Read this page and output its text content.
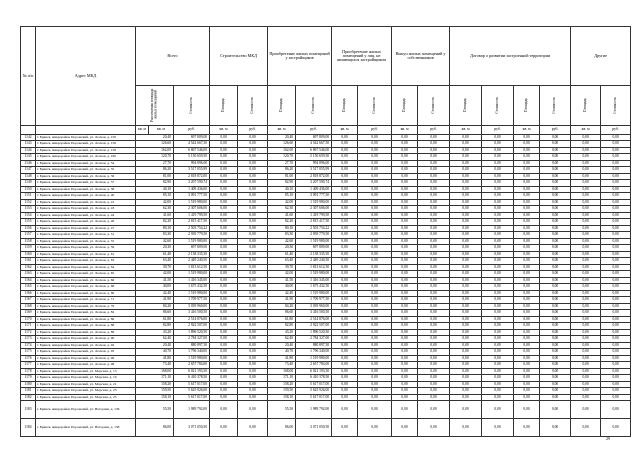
№ п/п	Адрес МКД	Всего			Строительство МКД		Приобретение жилых помещений у застройщиков		Приобретение жилых помещений у лиц, не являющихся застройщиком		Выкуп жилых помещений у собственников		Договор о развитии застроенной территории				Другие		
		Расселяемая площадь жилых помещений		Стоимость	Площадь	Стоимость	Площадь	Стоимость	Площадь	Стоимость	Площадь	Стоимость	Площадь	Стоимость	Площадь	Стоимость	Площадь	Стоимость		
		кв. м	кв. м	руб.	кв. м	руб.	кв. м	руб.	кв. м	руб.	кв. м	руб.	кв. м	руб.	кв. м	руб.	кв. м	руб.		
1142	г. Брянск, микрорайон Порожский, ул. Лесная, д. 150	20,40		697 809,00	0,00	0,00	20,40	697 809,00	0,00	0,00	0,00	0,00	0,00	0,00	0,00	0,00	0,00	0,00	
1143	г. Брянск, микрорайон Порожский, ул. Лесная, д. 156	126,60		4 542 667,50	0,00	0,00	126,60	4 542 667,50	0,00	0,00	0,00	0,00	0,00	0,00	0,00	0,00	0,00	0,00	
1144	г. Брянск, микрорайон Порожский, ул. Лесная, д. 158	162,00		6 867 546,00	0,00	0,00	162,00	6 867 546,00	0,00	0,00	0,00	0,00	0,00	0,00	0,00	0,00	0,00	0,00	
1145	г. Брянск, микрорайон Порожский, ул. Лесная, д. 160	120,70		5 150 659,50	0,00	0,00	120,70	5 150 659,50	0,00	0,00	0,00	0,00	0,00	0,00	0,00	0,00	0,00	0,00	
1146	г. Брянск, микрорайон Порожский, ул. Лесная, д. 34	27,70		994 896,00	0,00	0,00	27,70	994 896,00	0,00	0,00	0,00	0,00	0,00	0,00	0,00	0,00	0,00	0,00	
1147	г. Брянск, микрорайон Порожский, ул. Лесная, д. 35	86,20		3 517 055,99	0,00	0,00	86,20	3 517 055,99	0,00	0,00	0,00	0,00	0,00	0,00	0,00	0,00	0,00	0,00	
1148	г. Брянск, микрорайон Порожский, ул. Лесная, д. 36	81,00		2 818 872,00	0,00	0,00	81,00	2 818 872,00	0,00	0,00	0,00	0,00	0,00	0,00	0,00	0,00	0,00	0,00	
1149	г. Брянск, микрорайон Порожский, ул. Лесная, д. 37	82,90		3 207 590,74	0,00	0,00	82,90	3 207 590,74	0,00	0,00	0,00	0,00	0,00	0,00	0,00	0,00	0,00	0,00	
1150	г. Брянск, микрорайон Порожский, ул. Лесная, д. 38	40,10		1 409 436,00	0,00	0,00	40,10	1 409 436,00	0,00	0,00	0,00	0,00	0,00	0,00	0,00	0,00	0,00	0,00	
1151	г. Брянск, микрорайон Порожский, ул. Лесная, д. 40	85,10		3 091 777,50	0,00	0,00	85,10	3 091 777,50	0,00	0,00	0,00	0,00	0,00	0,00	0,00	0,00	0,00	0,00	
1152	г. Брянск, микрорайон Порожский, ул. Лесная, д. 41	42,00		1 519 980,00	0,00	0,00	42,00	1 519 980,00	0,00	0,00	0,00	0,00	0,00	0,00	0,00	0,00	0,00	0,00	
1153	г. Брянск, микрорайон Порожский, ул. Лесная, д. 43	62,30		2 307 606,00	0,00	0,00	62,30	2 307 606,00	0,00	0,00	0,00	0,00	0,00	0,00	0,00	0,00	0,00	0,00	
1154	г. Брянск, микрорайон Порожский, ул. Лесная, д. 44	41,60		1 419 799,50	0,00	0,00	41,60	1 419 799,50	0,00	0,00	0,00	0,00	0,00	0,00	0,00	0,00	0,00	0,00	
1155	г. Брянск, микрорайон Порожский, ул. Лесная, д. 46	82,20		2 815 417,50	0,00	0,00	82,20	2 815 417,50	0,00	0,00	0,00	0,00	0,00	0,00	0,00	0,00	0,00	0,00	
1156	г. Брянск, микрорайон Порожский, ул. Лесная, д. 47	80,10		2 503 754,22	0,00	0,00	80,10	2 503 754,22	0,00	0,00	0,00	0,00	0,00	0,00	0,00	0,00	0,00	0,00	
1157	г. Брянск, микрорайон Порожский, ул. Лесная, д. 51	83,30		2 939 779,50	0,00	0,00	83,30	2 939 779,50	0,00	0,00	0,00	0,00	0,00	0,00	0,00	0,00	0,00	0,00	
1158	г. Брянск, микрорайон Порожский, ул. Лесная, д. 55	42,60		1 519 980,00	0,00	0,00	42,60	1 519 980,00	0,00	0,00	0,00	0,00	0,00	0,00	0,00	0,00	0,00	0,00	
1159	г. Брянск, микрорайон Порожский, ул. Лесная, д. 59	20,30		697 809,00	0,00	0,00	20,30	697 809,00	0,00	0,00	0,00	0,00	0,00	0,00	0,00	0,00	0,00	0,00	
1160	г. Брянск, микрорайон Порожский, ул. Лесная, д. 61	61,40		2 138 335,50	0,00	0,00	61,40	2 138 335,50	0,00	0,00	0,00	0,00	0,00	0,00	0,00	0,00	0,00	0,00	
1161	г. Брянск, микрорайон Порожский, ул. Лесная, д. 63	63,40		2 449 240,50	0,00	0,00	63,40	2 449 240,50	0,00	0,00	0,00	0,00	0,00	0,00	0,00	0,00	0,00	0,00	
1162	г. Брянск, микрорайон Порожский, ул. Лесная, д. 64	39,70		1 813 612,50	0,00	0,00	39,70	1 813 612,50	0,00	0,00	0,00	0,00	0,00	0,00	0,00	0,00	0,00	0,00	
1163	г. Брянск, микрорайон Порожский, ул. Лесная, д. 65	42,00		1 519 980,00	0,00	0,00	42,00	1 519 980,00	0,00	0,00	0,00	0,00	0,00	0,00	0,00	0,00	0,00	0,00	
1164	г. Брянск, микрорайон Порожский, ул. Лесная, д. 66	41,50		1 416 345,00	0,00	0,00	41,50	1 416 345,00	0,00	0,00	0,00	0,00	0,00	0,00	0,00	0,00	0,00	0,00	
1165	г. Брянск, микрорайон Порожский, ул. Лесная, д. 68	40,00		1 675 432,50	0,00	0,00	40,00	1 675 432,50	0,00	0,00	0,00	0,00	0,00	0,00	0,00	0,00	0,00	0,00	
1166	г. Брянск, микрорайон Порожский, ул. Лесная, д. 69	42,40		1 519 980,00	0,00	0,00	42,40	1 519 980,00	0,00	0,00	0,00	0,00	0,00	0,00	0,00	0,00	0,00	0,00	
1167	г. Брянск, микрорайон Порожский, ул. Лесная, д. 71	41,90		1 709 977,50	0,00	0,00	41,90	1 709 977,50	0,00	0,00	0,00	0,00	0,00	0,00	0,00	0,00	0,00	0,00	
1168	г. Брянск, микрорайон Порожский, ул. Лесная, д. 79	84,20		3 039 960,00	0,00	0,00	84,20	3 039 960,00	0,00	0,00	0,00	0,00	0,00	0,00	0,00	0,00	0,00	0,00	
1169	г. Брянск, микрорайон Порожский, ул. Лесная, д. 82	86,60		3 416 500,50	0,00	0,00	86,60	3 416 500,50	0,00	0,00	0,00	0,00	0,00	0,00	0,00	0,00	0,00	0,00	
1170	г. Брянск, микрорайон Порожский, ул. Лесная, д. 86	61,80		2 514 876,00	0,00	0,00	61,80	2 514 876,00	0,00	0,00	0,00	0,00	0,00	0,00	0,00	0,00	0,00	0,00	
1171	г. Брянск, микрорайон Порожский, ул. Лесная, д. 88	82,80		2 922 507,00	0,00	0,00	82,80	2 922 507,00	0,00	0,00	0,00	0,00	0,00	0,00	0,00	0,00	0,00	0,00	
1172	г. Брянск, микрорайон Порожский, ул. Лесная, д. 89	43,20		1 896 520,50	0,00	0,00	43,20	1 896 520,50	0,00	0,00	0,00	0,00	0,00	0,00	0,00	0,00	0,00	0,00	
1173	г. Брянск, микрорайон Порожский, ул. Лесная, д. 90	62,40		2 784 327,00	0,00	0,00	62,40	2 784 327,00	0,00	0,00	0,00	0,00	0,00	0,00	0,00	0,00	0,00	0,00	
1174	г. Брянск, микрорайон Порожский, ул. Лесная, д. 92	20,40		880 897,50	0,00	0,00	20,40	880 897,50	0,00	0,00	0,00	0,00	0,00	0,00	0,00	0,00	0,00	0,00	
1175	г. Брянск, микрорайон Порожский, ул. Лесная, д. 95	40,70		1 796 340,00	0,00	0,00	40,70	1 796 340,00	0,00	0,00	0,00	0,00	0,00	0,00	0,00	0,00	0,00	0,00	
1176	г. Брянск, микрорайон Порожский, ул. Лесная, д. 96	41,80		1 519 980,00	0,00	0,00	41,80	1 519 980,00	0,00	0,00	0,00	0,00	0,00	0,00	0,00	0,00	0,00	0,00	
1177	г. Брянск, микрорайон Порожский, ул. Лесная, д. 98	73,40		2 657 784,00	0,00	0,00	73,40	2 657 784,00	0,00	0,00	0,00	0,00	0,00	0,00	0,00	0,00	0,00	0,00	
1178	г. Брянск, микрорайон Порожский, ул. Морская, д. 13	168,00		6 021 193,50	0,00	0,00	168,00	6 021 193,50	0,00	0,00	0,00	0,00	0,00	0,00	0,00	0,00	0,00	0,00	
1179	г. Брянск, микрорайон Порожский, ул. Морская, д. 19	171,10		6 410 378,50	0,00	0,00	171,10	6 410 378,50	0,00	0,00	0,00	0,00	0,00	0,00	0,00	0,00	0,00	0,00	
1180	г. Брянск, микрорайон Порожский, ул. Морская, д. 21	158,20		5 617 017,00	0,00	0,00	158,20	5 617 017,00	0,00	0,00	0,00	0,00	0,00	0,00	0,00	0,00	0,00	0,00	
1181	г. Брянск, микрорайон Порожский, ул. Морская, д. 23	159,50		5 625 926,00	0,00	0,00	159,50	5 625 926,00	0,00	0,00	0,00	0,00	0,00	0,00	0,00	0,00	0,00	0,00	
1182	г. Брянск, микрорайон Порожский, ул. Морская, д. 25	158,10		5 617 017,00	0,00	0,00	158,10	5 617 017,00	0,00	0,00	0,00	0,00	0,00	0,00	0,00	0,00	0,00	0,00	
1183	г. Брянск, микрорайон Порожский, ул. Нагорная, д. 136	55,50		1 989 792,00	0,00	0,00	55,50	1 989 792,00	0,00	0,00	0,00	0,00	0,00	0,00	0,00	0,00	0,00	0,00	
1184	г. Брянск, микрорайон Порожский, ул. Нагорная, д. 138	86,00		3 071 050,50	0,00	0,00	86,00	3 071 050,50	0,00	0,00	0,00	0,00	0,00	0,00	0,00	0,00	0,00	0,00	
29
